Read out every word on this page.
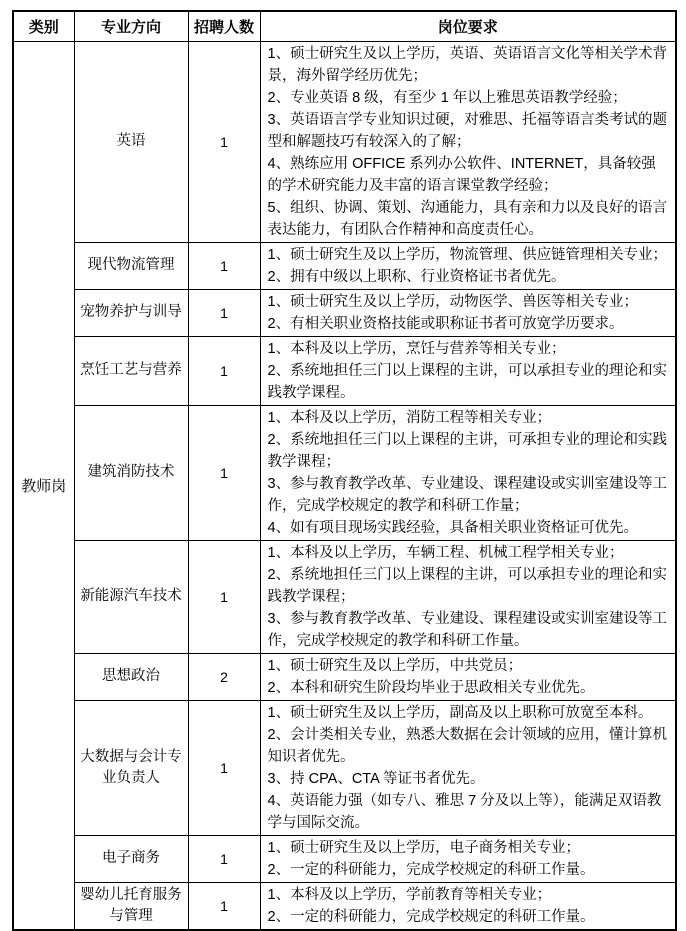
类别	专业方向	招聘人数	岗位要求
教师岗	英语	1	1、硕士研究生及以上学历，英语、英语语言文化等相关学术背景，海外留学经历优先；
2、专业英语 8 级，有至少 1 年以上雅思英语教学经验；
3、英语语言学专业知识过硬，对雅思、托福等语言类考试的题型和解题技巧有较深入的了解；
4、熟练应用 OFFICE 系列办公软件、INTERNET，具备较强的学术研究能力及丰富的语言课堂教学经验；
5、组织、协调、策划、沟通能力，具有亲和力以及良好的语言表达能力，有团队合作精神和高度责任心。

	现代物流管理	1	1、硕士研究生及以上学历，物流管理、供应链管理相关专业；
2、拥有中级以上职称、行业资格证书者优先。

	宠物养护与训导	1	1、硕士研究生及以上学历，动物医学、兽医等相关专业；
2、有相关职业资格技能或职称证书者可放宽学历要求。

	烹饪工艺与营养	1	1、本科及以上学历，烹饪与营养等相关专业；
2、系统地担任三门以上课程的主讲，可以承担专业的理论和实践教学课程。

	建筑消防技术	1	1、本科及以上学历，消防工程等相关专业；
2、系统地担任三门以上课程的主讲，可承担专业的理论和实践教学课程；
3、参与教育教学改革、专业建设、课程建设或实训室建设等工作，完成学校规定的教学和科研工作量；
4、如有项目现场实践经验，具备相关职业资格证可优先。

	新能源汽车技术	1	1、本科及以上学历，车辆工程、机械工程学相关专业；
2、系统地担任三门以上课程的主讲，可以承担专业的理论和实践教学课程；
3、参与教育教学改革、专业建设、课程建设或实训室建设等工作，完成学校规定的教学和科研工作量。

	思想政治	2	1、硕士研究生及以上学历，中共党员；
2、本科和研究生阶段均毕业于思政相关专业优先。

	大数据与会计专业负责人	1	1、硕士研究生及以上学历，副高及以上职称可放宽至本科。
2、会计类相关专业，熟悉大数据在会计领域的应用，懂计算机知识者优先。
3、持 CPA、CTA 等证书者优先。
4、英语能力强（如专八、雅思 7 分及以上等），能满足双语教学与国际交流。

	电子商务	1	1、硕士研究生及以上学历，电子商务相关专业；
2、一定的科研能力，完成学校规定的科研工作量。

	婴幼儿托育服务与管理	1	1、本科及以上学历，学前教育等相关专业；
2、一定的科研能力，完成学校规定的科研工作量。
